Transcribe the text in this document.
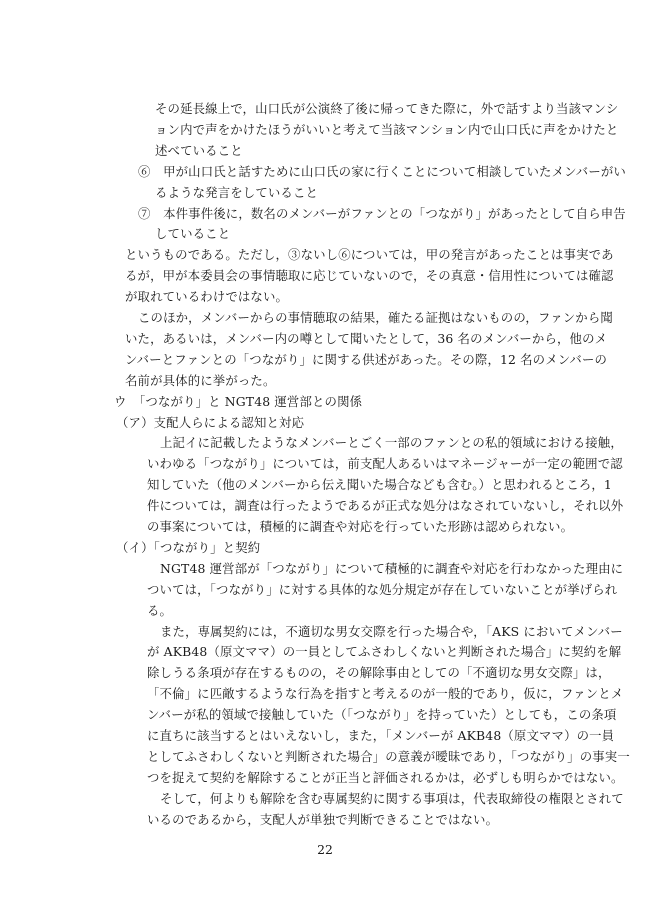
その延長線上で，山口氏が公演終了後に帰ってきた際に，外で話すより当該マンシ
ョン内で声をかけたほうがいいと考えて当該マンション内で山口氏に声をかけたと
述べていること
⑥　甲が山口氏と話すために山口氏の家に行くことについて相談していたメンバーがい
るような発言をしていること
⑦　本件事件後に，数名のメンバーがファンとの「つながり」があったとして自ら申告
していること
というものである。ただし，③ないし⑥については，甲の発言があったことは事実であ
るが，甲が本委員会の事情聴取に応じていないので，その真意・信用性については確認
が取れているわけではない。
このほか，メンバーからの事情聴取の結果，確たる証拠はないものの，ファンから聞
いた，あるいは，メンバー内の噂として聞いたとして，36 名のメンバーから，他のメ
ンバーとファンとの「つながり」に関する供述があった。その際，12 名のメンバーの
名前が具体的に挙がった。
ウ　「つながり」と NGT48 運営部との関係
（ア）支配人らによる認知と対応
上記イに記載したようなメンバーとごく一部のファンとの私的領域における接触，
いわゆる「つながり」については，前支配人あるいはマネージャーが一定の範囲で認
知していた（他のメンバーから伝え聞いた場合なども含む。）と思われるところ，1
件については，調査は行ったようであるが正式な処分はなされていないし，それ以外
の事案については，積極的に調査や対応を行っていた形跡は認められない。
（イ）「つながり」と契約
NGT48 運営部が「つながり」について積極的に調査や対応を行わなかった理由に
ついては，「つながり」に対する具体的な処分規定が存在していないことが挙げられ
る。
また，専属契約には，不適切な男女交際を行った場合や，「AKS においてメンバー
が AKB48（原文ママ）の一員としてふさわしくないと判断された場合」に契約を解
除しうる条項が存在するものの，その解除事由としての「不適切な男女交際」は，
「不倫」に匹敵するような行為を指すと考えるのが一般的であり，仮に，ファンとメ
ンバーが私的領域で接触していた（「つながり」を持っていた）としても，この条項
に直ちに該当するとはいえないし，また，「メンバーが AKB48（原文ママ）の一員
としてふさわしくないと判断された場合」の意義が曖昧であり，「つながり」の事実一
つを捉えて契約を解除することが正当と評価されるかは，必ずしも明らかではない。
そして，何よりも解除を含む専属契約に関する事項は，代表取締役の権限とされて
いるのであるから，支配人が単独で判断できることではない。
22
